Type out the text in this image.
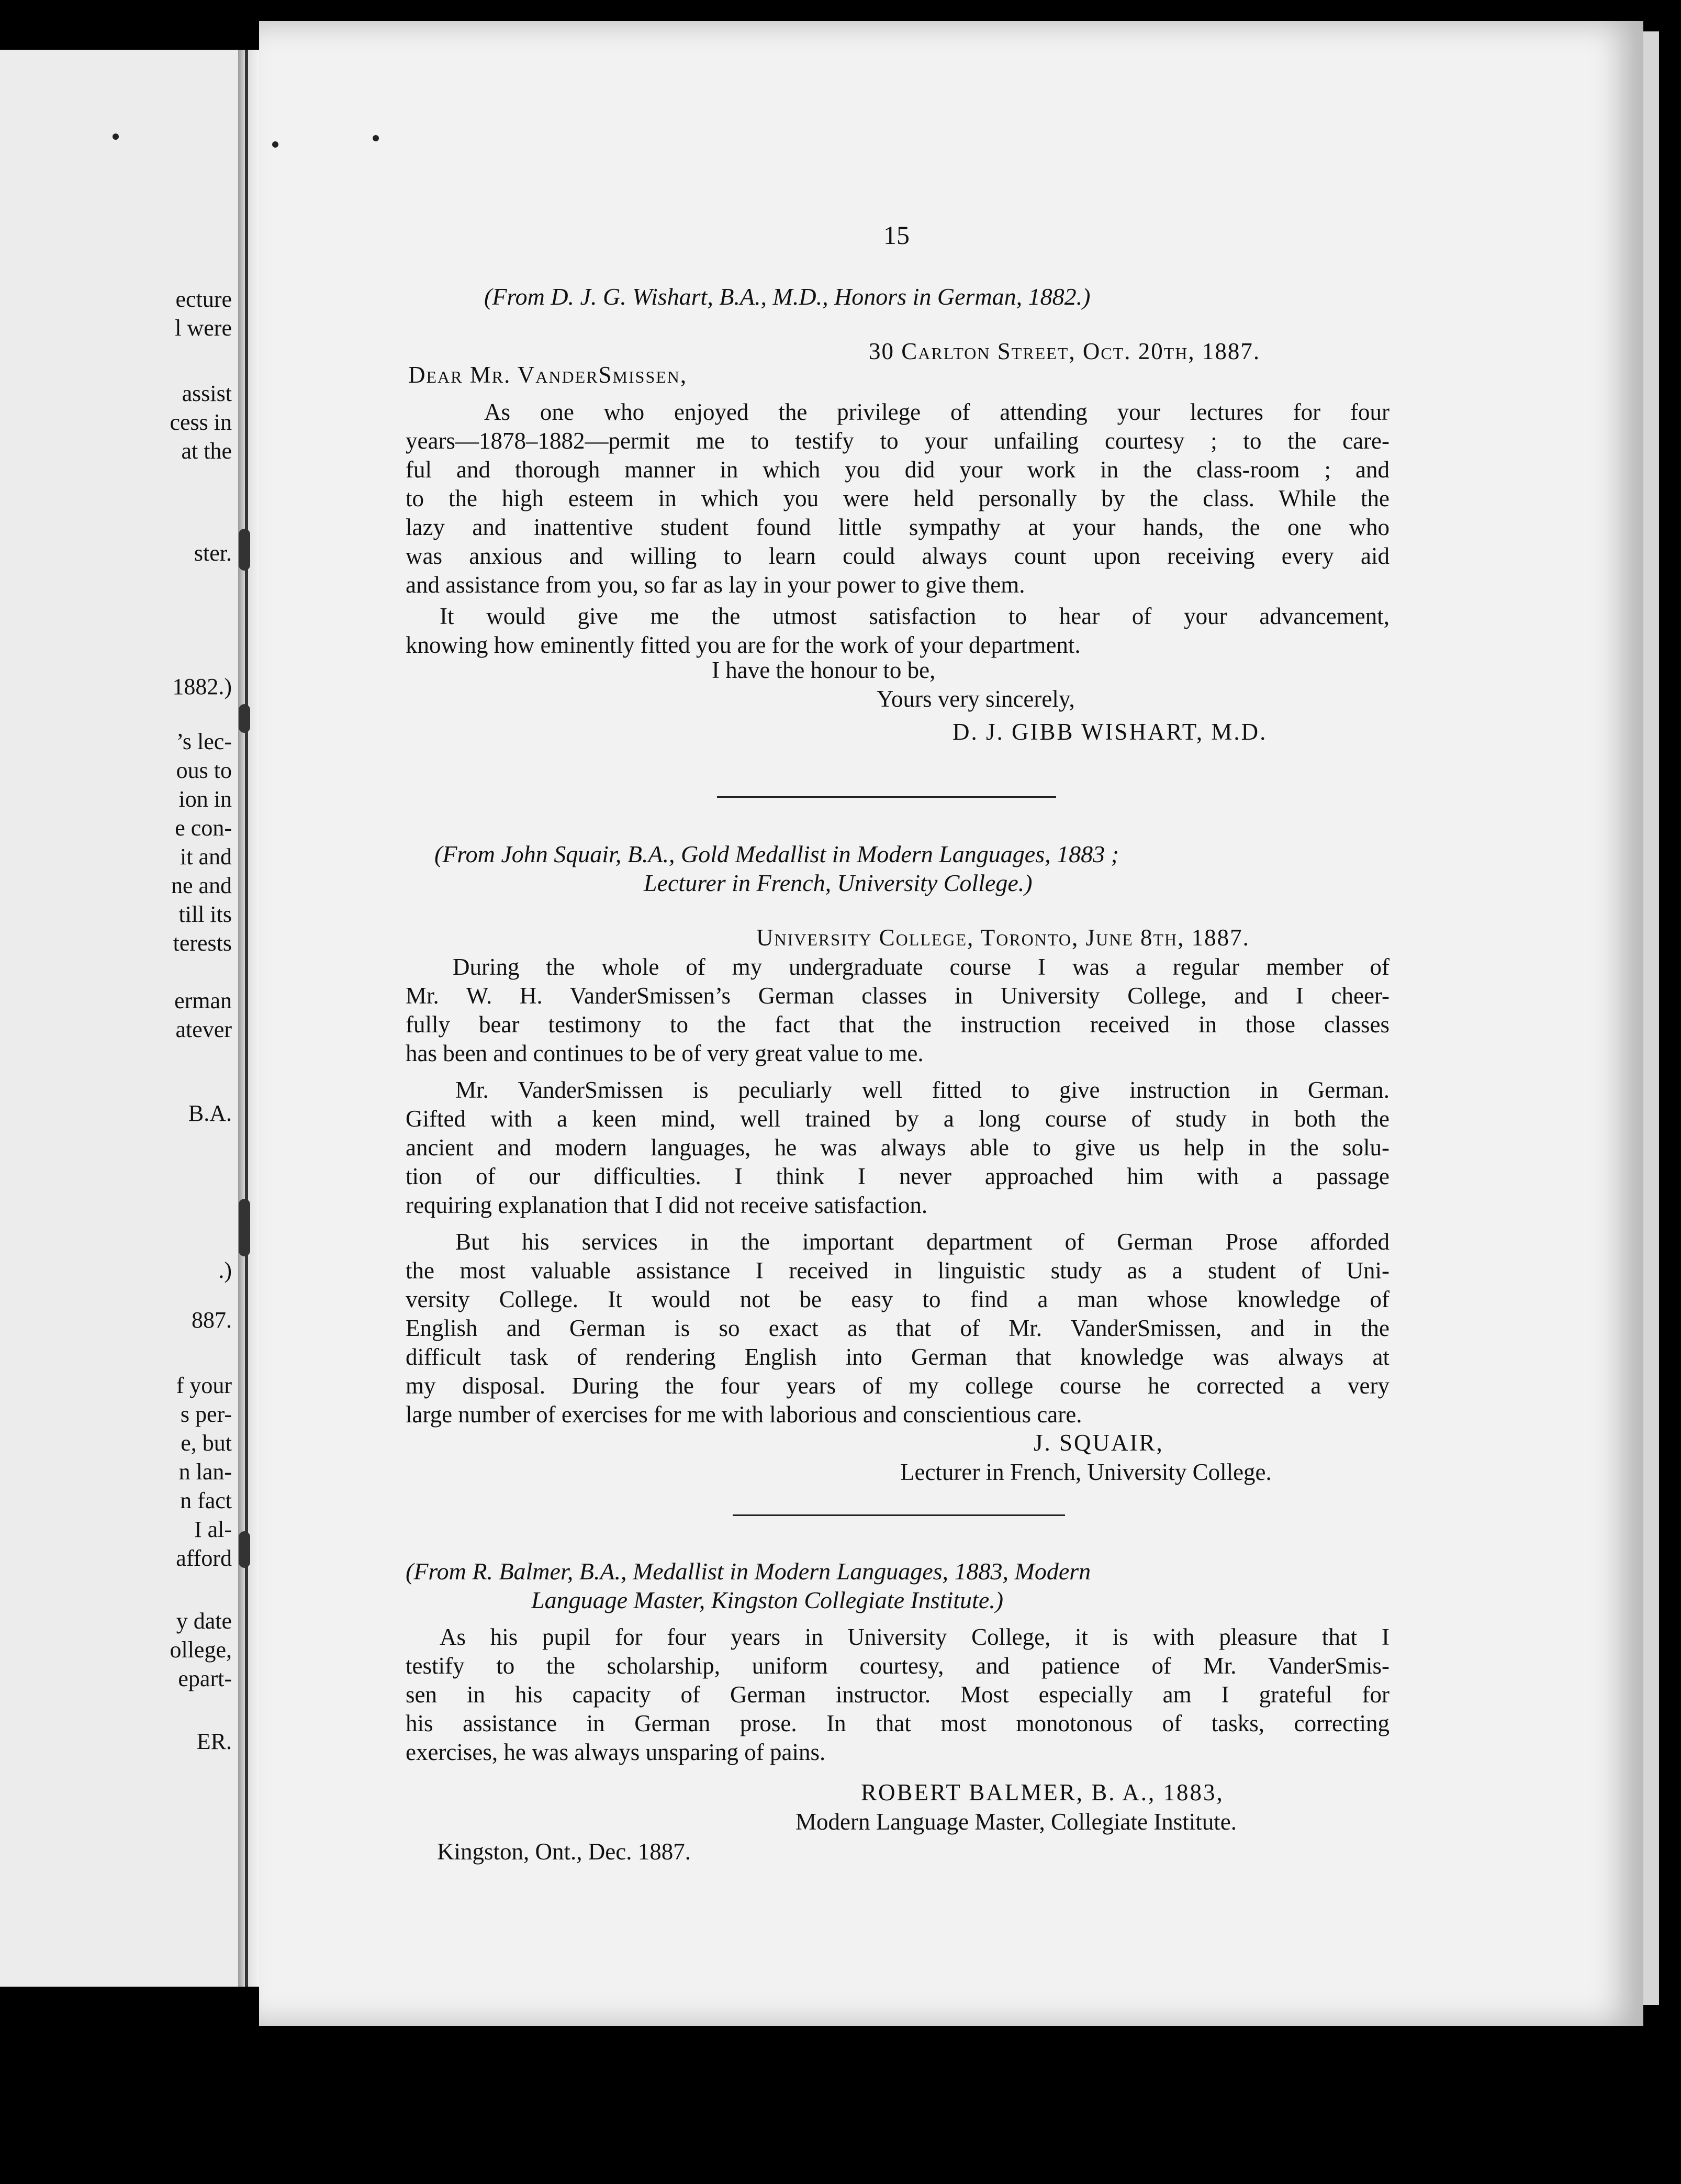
ecture
l were
assist
cess in
at the
ster.
1882.)
’s lec-
ous to
ion in
e con-
it and
ne and
till its
terests
erman
atever
B.A.
.)
887.
f your
s per-
e, but
n lan-
n fact
I al-
afford
y date
ollege,
epart-
ER.
15
(From D. J. G. Wishart, B.A., M.D., Honors in German, 1882.)
30 Carlton Street, Oct. 20th, 1887.
Dear Mr. VanderSmissen,
As one who enjoyed the privilege of attending your lectures for four
years—1878–1882—permit me to testify to your unfailing courtesy ; to the care-
ful and thorough manner in which you did your work in the class-room ; and
to the high esteem in which you were held personally by the class. While the
lazy and inattentive student found little sympathy at your hands, the one who
was anxious and willing to learn could always count upon receiving every aid
and assistance from you, so far as lay in your power to give them.
It would give me the utmost satisfaction to hear of your advancement,
knowing how eminently fitted you are for the work of your department.
I have the honour to be,
Yours very sincerely,
D. J. GIBB WISHART, M.D.
(From John Squair, B.A., Gold Medallist in Modern Languages, 1883 ;
Lecturer in French, University College.)
University College, Toronto, June 8th, 1887.
During the whole of my undergraduate course I was a regular member of
Mr. W. H. VanderSmissen’s German classes in University College, and I cheer-
fully bear testimony to the fact that the instruction received in those classes
has been and continues to be of very great value to me.
Mr. VanderSmissen is peculiarly well fitted to give instruction in German.
Gifted with a keen mind, well trained by a long course of study in both the
ancient and modern languages, he was always able to give us help in the solu-
tion of our difficulties. I think I never approached him with a passage
requiring explanation that I did not receive satisfaction.
But his services in the important department of German Prose afforded
the most valuable assistance I received in linguistic study as a student of Uni-
versity College. It would not be easy to find a man whose knowledge of
English and German is so exact as that of Mr. VanderSmissen, and in the
difficult task of rendering English into German that knowledge was always at
my disposal. During the four years of my college course he corrected a very
large number of exercises for me with laborious and conscientious care.
J. SQUAIR,
Lecturer in French, University College.
(From R. Balmer, B.A., Medallist in Modern Languages, 1883, Modern
Language Master, Kingston Collegiate Institute.)
As his pupil for four years in University College, it is with pleasure that I
testify to the scholarship, uniform courtesy, and patience of Mr. VanderSmis-
sen in his capacity of German instructor. Most especially am I grateful for
his assistance in German prose. In that most monotonous of tasks, correcting
exercises, he was always unsparing of pains.
ROBERT BALMER, B. A., 1883,
Modern Language Master, Collegiate Institute.
Kingston, Ont., Dec. 1887.
